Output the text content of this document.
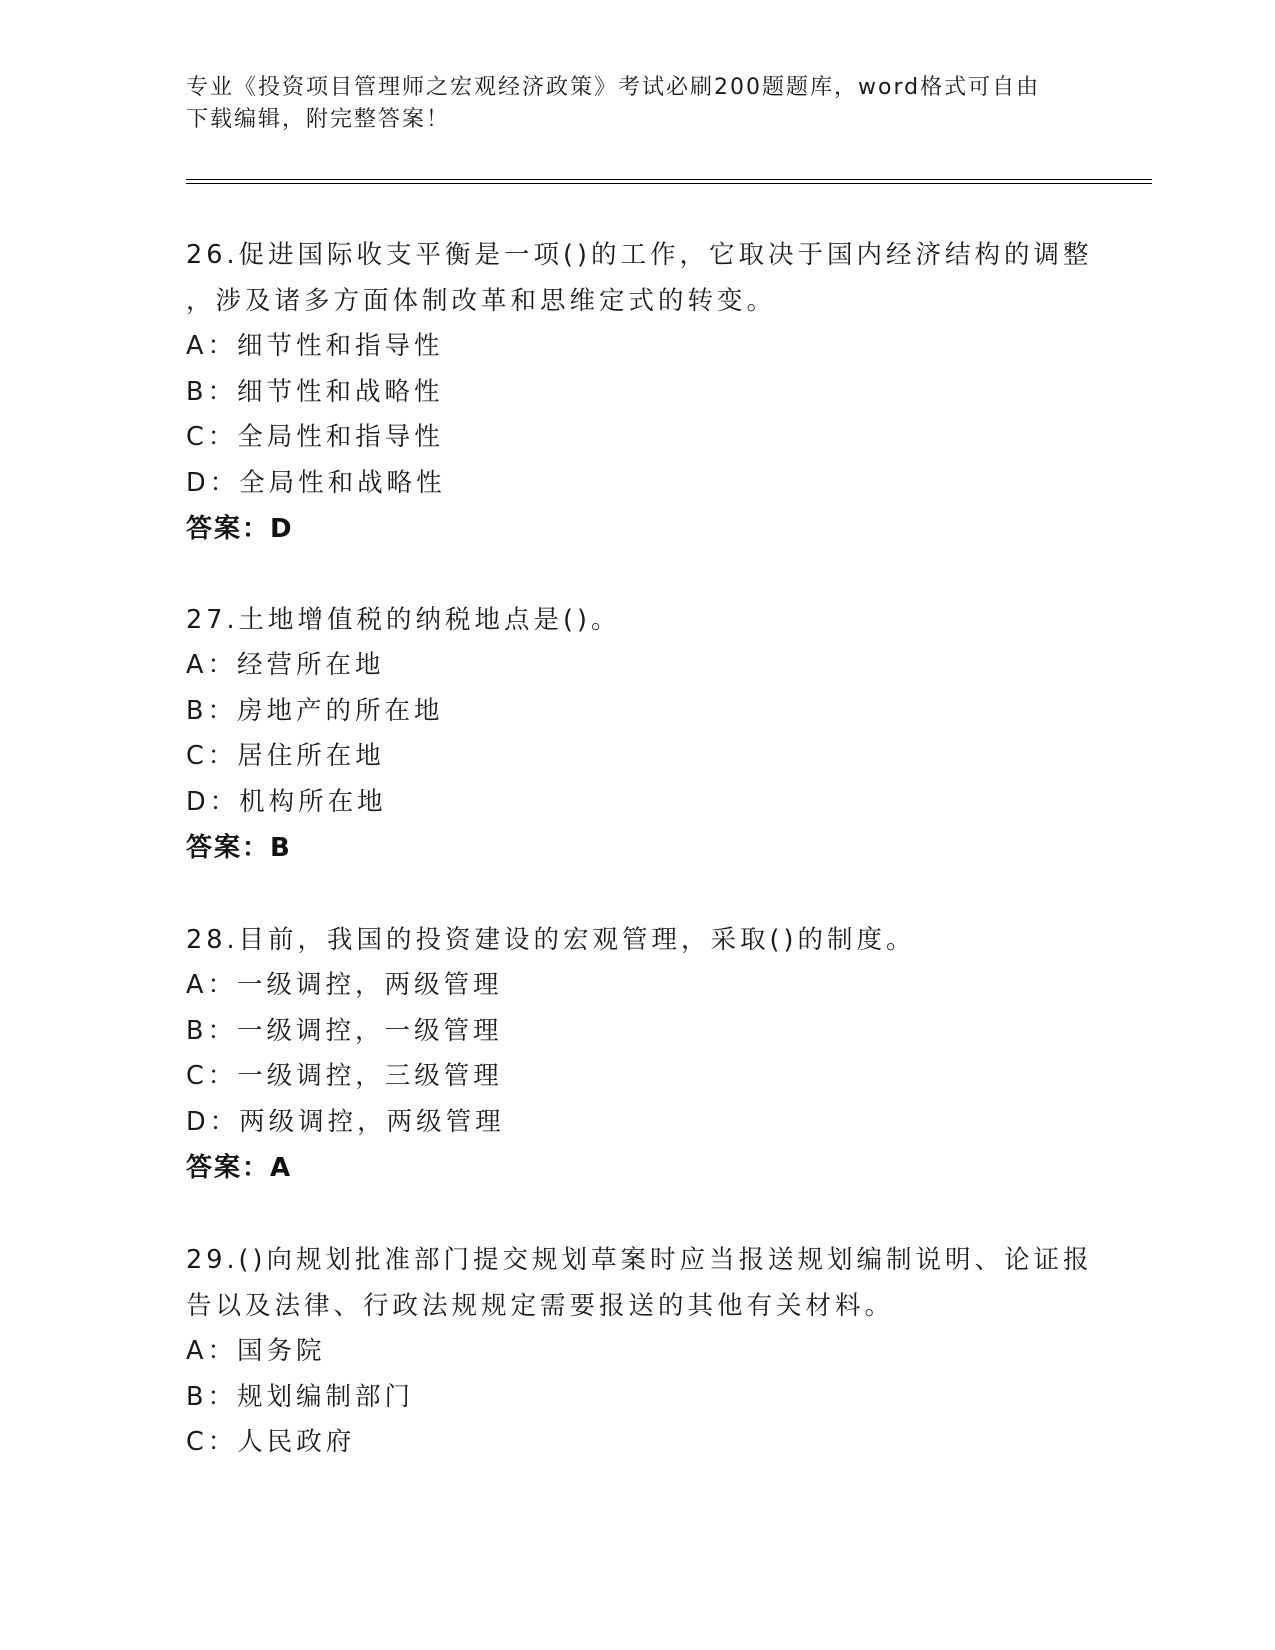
专业《投资项目管理师之宏观经济政策》考试必刷200题题库，word格式可自由
下载编辑，附完整答案！
26.促进国际收支平衡是一项()的工作，它取决于国内经济结构的调整
，涉及诸多方面体制改革和思维定式的转变。
A：细节性和指导性
B：细节性和战略性
C：全局性和指导性
D：全局性和战略性
答案：D
27.土地增值税的纳税地点是()。
A：经营所在地
B：房地产的所在地
C：居住所在地
D：机构所在地
答案：B
28.目前，我国的投资建设的宏观管理，采取()的制度。
A：一级调控，两级管理
B：一级调控，一级管理
C：一级调控，三级管理
D：两级调控，两级管理
答案：A
29.()向规划批准部门提交规划草案时应当报送规划编制说明、论证报
告以及法律、行政法规规定需要报送的其他有关材料。
A：国务院
B：规划编制部门
C：人民政府
